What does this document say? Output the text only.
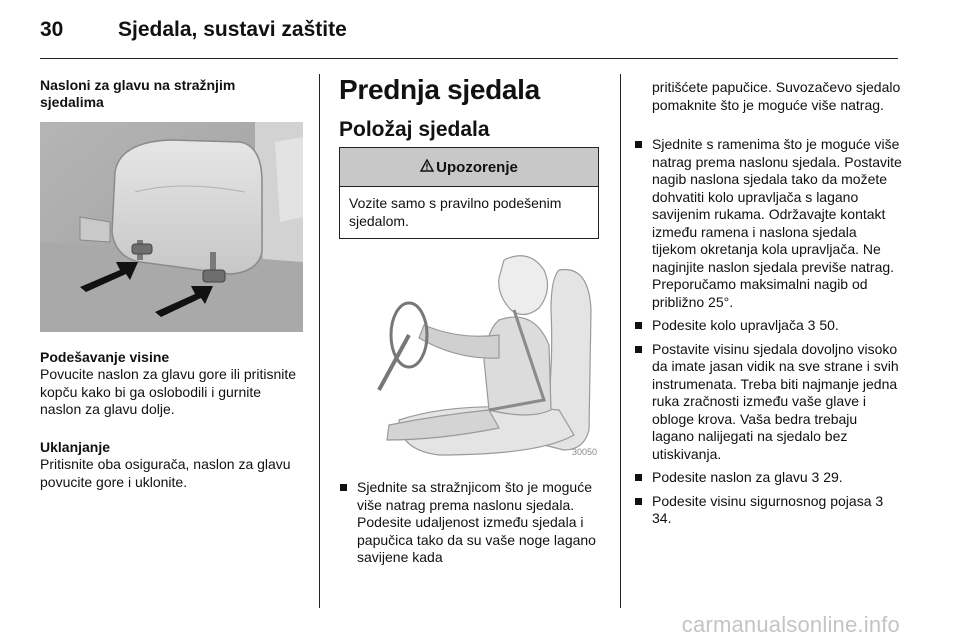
30	Sjedala, sustavi zaštite
Nasloni za glavu na stražnjim sjedalima
Podešavanje visine
Povucite naslon za glavu gore ili pritisnite kopču kako bi ga oslobodili i gurnite naslon za glavu dolje.
Uklanjanje
Pritisnite oba osigurača, naslon za glavu povucite gore i uklonite.
Prednja sjedala
Položaj sjedala
Upozorenje
Vozite samo s pravilno podešenim sjedalom.
30050
Sjednite sa stražnjicom što je moguće više natrag prema naslonu sjedala. Podesite udaljenost između sjedala i papučica tako da su vaše noge lagano savijene kada
pritišćete papučice. Suvozačevo sjedalo pomaknite što je moguće više natrag.
Sjednite s ramenima što je moguće više natrag prema naslonu sjedala. Postavite nagib naslona sjedala tako da možete dohvatiti kolo upravljača s lagano savijenim rukama. Održavajte kontakt između ramena i naslona sjedala tijekom okretanja kola upravljača. Ne naginjite naslon sjedala previše natrag. Preporučamo maksimalni nagib od približno 25°.
Podesite kolo upravljača 3 50.
Postavite visinu sjedala dovoljno visoko da imate jasan vidik na sve strane i svih instrumenata. Treba biti najmanje jedna ruka zračnosti između vaše glave i obloge krova. Vaša bedra trebaju lagano nalijegati na sjedalo bez utiskivanja.
Podesite naslon za glavu 3 29.
Podesite visinu sigurnosnog pojasa 3 34.
carmanualsonline.info
